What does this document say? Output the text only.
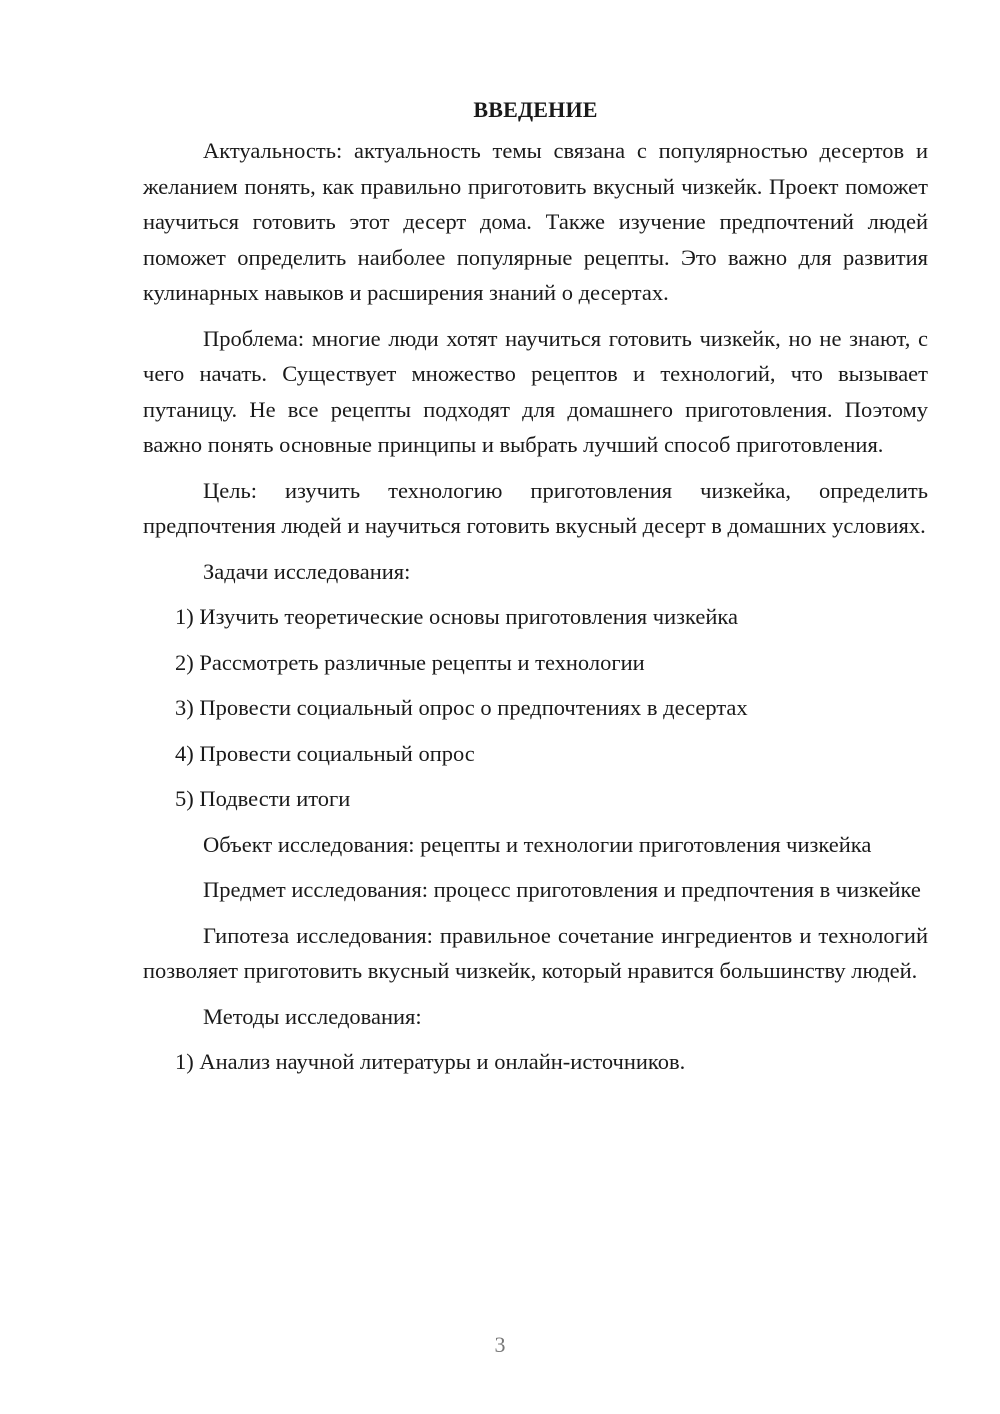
ВВЕДЕНИЕ

Актуальность: актуальность темы связана с популярностью десертов и желанием понять, как правильно приготовить вкусный чизкейк. Проект поможет научиться готовить этот десерт дома. Также изучение предпочтений людей поможет определить наиболее популярные рецепты. Это важно для развития кулинарных навыков и расширения знаний о десертах.

Проблема: многие люди хотят научиться готовить чизкейк, но не знают, с чего начать. Существует множество рецептов и технологий, что вызывает путаницу. Не все рецепты подходят для домашнего приготовления. Поэтому важно понять основные принципы и выбрать лучший способ приготовления.

Цель: изучить технологию приготовления чизкейка, определить предпочтения людей и научиться готовить вкусный десерт в домашних условиях.

Задачи исследования:

1) Изучить теоретические основы приготовления чизкейка
2) Рассмотреть различные рецепты и технологии
3) Провести социальный опрос о предпочтениях в десертах
4) Провести социальный опрос
5) Подвести итоги

Объект исследования: рецепты и технологии приготовления чизкейка

Предмет исследования: процесс приготовления и предпочтения в чизкейке

Гипотеза исследования: правильное сочетание ингредиентов и технологий позволяет приготовить вкусный чизкейк, который нравится большинству людей.

Методы исследования:

1) Анализ научной литературы и онлайн-источников.
3
